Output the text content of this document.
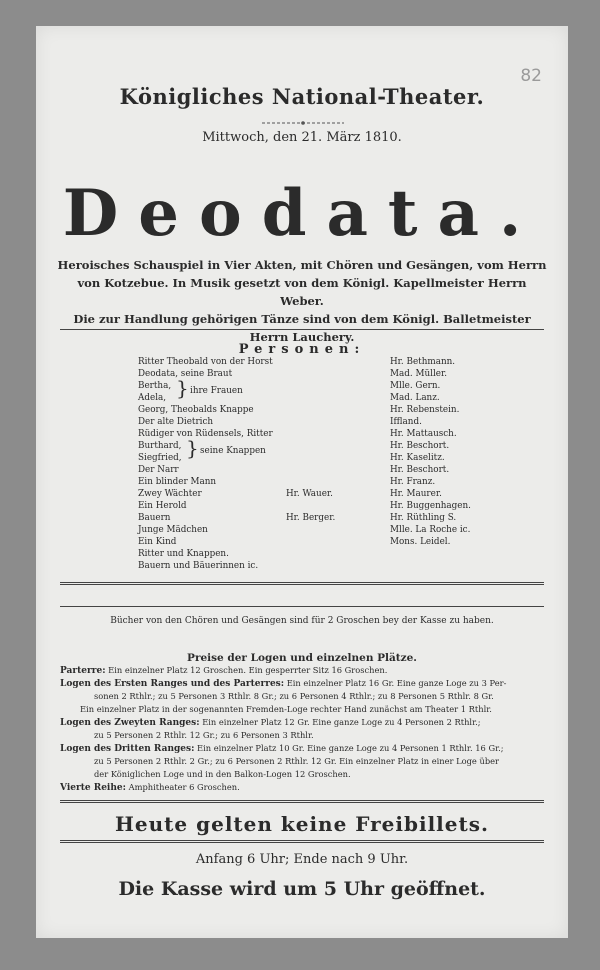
82
Königliches National-Theater.
Mittwoch, den 21. März 1810.
Deodata.
Heroisches Schauspiel in Vier Akten, mit Chören und Gesängen, vom Herrn
von Kotzebue. In Musik gesetzt von dem Königl. Kapellmeister Herrn Weber.
Die zur Handlung gehörigen Tänze sind von dem Königl. Balletmeister
Herrn Lauchery.
Personen:
Ritter Theobald von der Horst	Hr. Bethmann.
Deodata, seine Braut	Mad. Müller.
Bertha,	Mlle. Gern.
Adela,	Mad. Lanz.
} ihre Frauen
Georg, Theobalds Knappe	Hr. Rebenstein.
Der alte Dietrich	Iffland.
Rüdiger von Rüdensels, Ritter	Hr. Mattausch.
Burthard,	Hr. Beschort.
Siegfried,	Hr. Kaselitz.
} seine Knappen
Der Narr	Hr. Beschort.
Ein blinder Mann	Hr. Franz.
Zwey Wächter	Hr. Wauer.	Hr. Maurer.
Ein Herold	Hr. Buggenhagen.
Bauern	Hr. Berger.	Hr. Rüthling S.
Junge Mädchen	Mlle. La Roche ic.
Ein Kind	Mons. Leidel.
Ritter und Knappen.
Bauern und Bäuerinnen ic.
Bücher von den Chören und Gesängen sind für 2 Groschen bey der Kasse zu haben.
Preise der Logen und einzelnen Plätze.
Parterre: Ein einzelner Platz 12 Groschen. Ein gesperrter Sitz 16 Groschen.
Logen des Ersten Ranges und des Parterres: Ein einzelner Platz 16 Gr. Eine ganze Loge zu 3 Per-
sonen 2 Rthlr.; zu 5 Personen 3 Rthlr. 8 Gr.; zu 6 Personen 4 Rthlr.; zu 8 Personen 5 Rthlr. 8 Gr.
Ein einzelner Platz in der sogenannten Fremden-Loge rechter Hand zunächst am Theater 1 Rthlr.
Logen des Zweyten Ranges: Ein einzelner Platz 12 Gr. Eine ganze Loge zu 4 Personen 2 Rthlr.;
zu 5 Personen 2 Rthlr. 12 Gr.; zu 6 Personen 3 Rthlr.
Logen des Dritten Ranges: Ein einzelner Platz 10 Gr. Eine ganze Loge zu 4 Personen 1 Rthlr. 16 Gr.;
zu 5 Personen 2 Rthlr. 2 Gr.; zu 6 Personen 2 Rthlr. 12 Gr. Ein einzelner Platz in einer Loge über
der Königlichen Loge und in den Balkon-Logen 12 Groschen.
Vierte Reihe: Amphitheater 6 Groschen.
Heute gelten keine Freibillets.
Anfang 6 Uhr; Ende nach 9 Uhr.
Die Kasse wird um 5 Uhr geöffnet.
